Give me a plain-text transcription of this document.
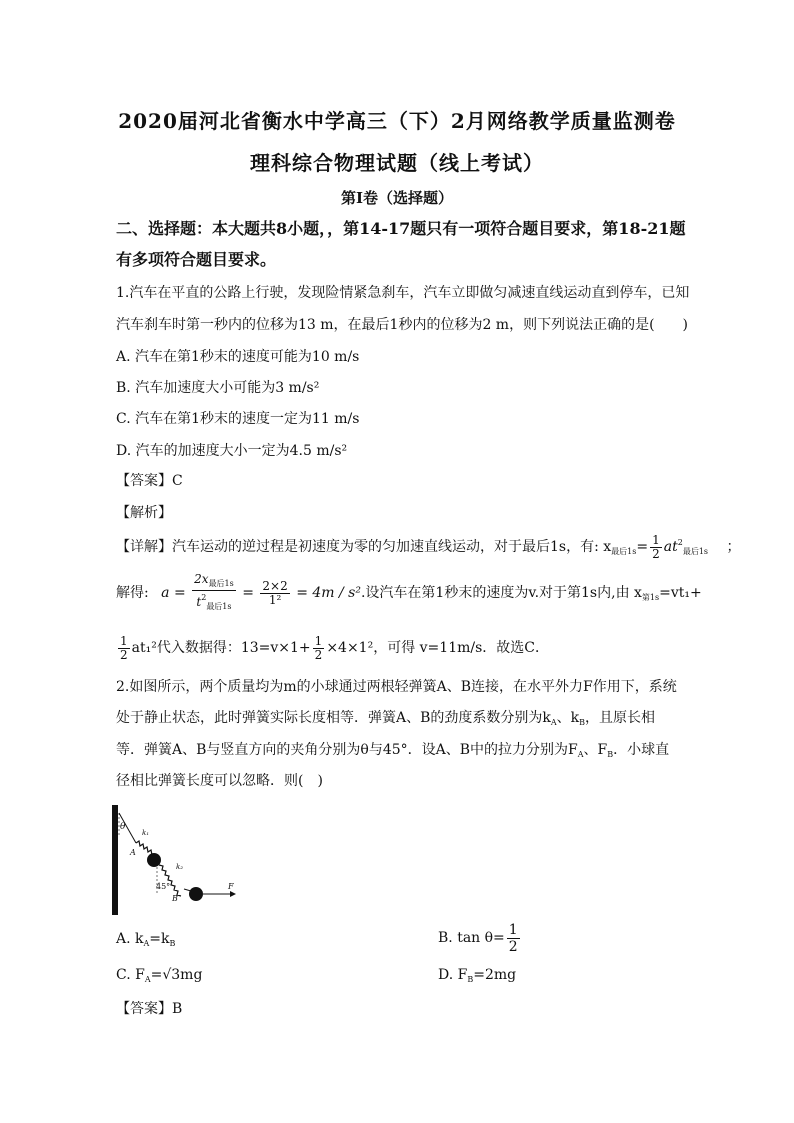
2020届河北省衡水中学高三（下）2月网络教学质量监测卷
理科综合物理试题（线上考试）
第Ⅰ卷（选择题）
二、选择题：本大题共8小题，，第14-17题只有一项符合题目要求，第18-21题
有多项符合题目要求。
1.汽车在平直的公路上行驶，发现险情紧急刹车，汽车立即做匀减速直线运动直到停车，已知
汽车刹车时第一秒内的位移为13 m，在最后1秒内的位移为2 m，则下列说法正确的是(　　)
A. 汽车在第1秒末的速度可能为10 m/s
B. 汽车加速度大小可能为3 m/s²
C. 汽车在第1秒末的速度一定为11 m/s
D. 汽车的加速度大小一定为4.5 m/s²
【答案】C
【解析】
【详解】汽车运动的逆过程是初速度为零的匀加速直线运动，对于最后1s，有: $x_{最后1s}= \frac{1}{2} at^2_{最后1s}$ ；
解得: $a = \frac{2x_{最后1s}}{t^2_{最后1s}} = \frac{2\times 2}{\text{1²}} = 4m / s^2$.设汽车在第1秒末的速度为v.对于第1s内,由 $x_{第1s}=vt_1+$
$\frac{1}{2} at_1^2$代入数据得：$13=v\times 1+ \frac{1}{2} \times 4\times 1^2$，可得 v=11m/s．故选C．
2.如图所示，两个质量均为m的小球通过两根轻弹簧A、B连接，在水平外力F作用下，系统
处于静止状态，此时弹簧实际长度相等．弹簧A、B的劲度系数分别为$k_A$、$k_B$，且原长相
等．弹簧A、B与竖直方向的夹角分别为θ与45°．设A、B中的拉力分别为$F_A$、$F_B$．小球直
径相比弹簧长度可以忽略．则(　)
θ
k₁
A
k₂
45°
B
F
A. $k_A=k_B$	B. $\tan \theta= \frac{1}{2}$
C. $F_A=√3mg$	D. $F_B=2mg$
【答案】B
